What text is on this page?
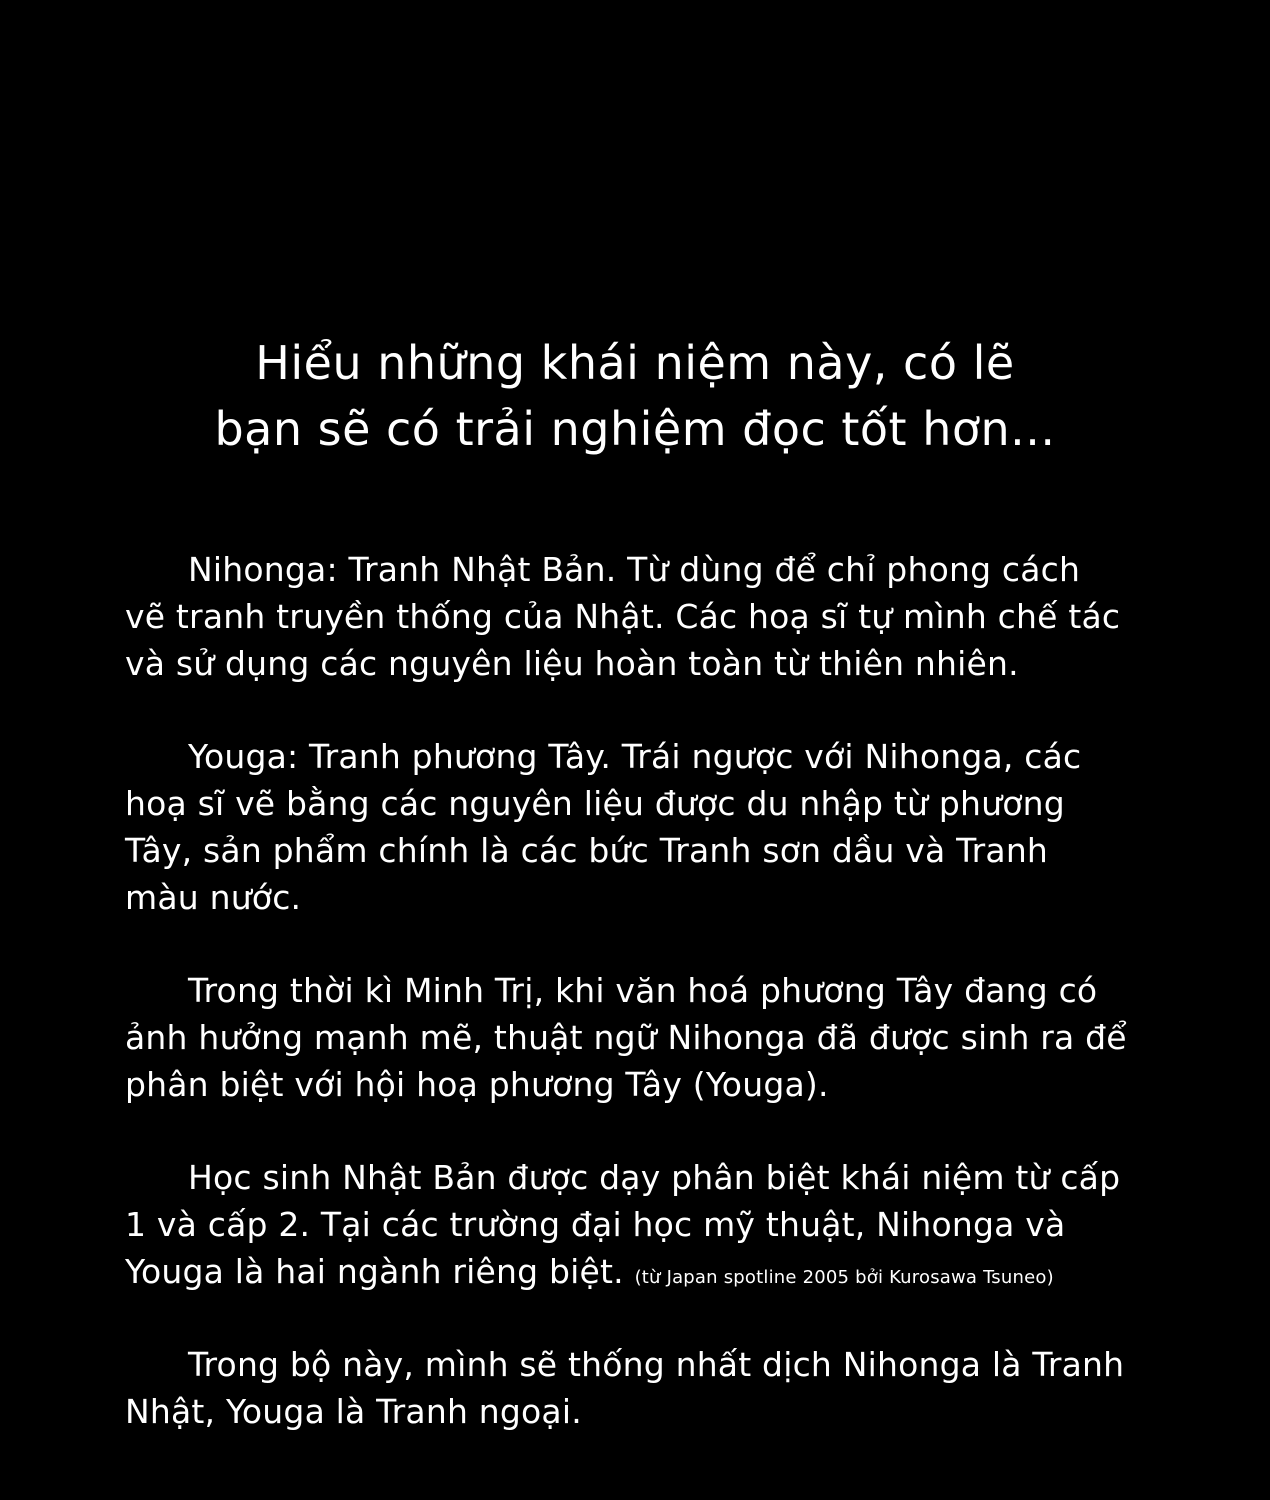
Hiểu những khái niệm này, có lẽ
bạn sẽ có trải nghiệm đọc tốt hơn...
Nihonga: Tranh Nhật Bản. Từ dùng để chỉ phong cách
vẽ tranh truyền thống của Nhật. Các hoạ sĩ tự mình chế tác
và sử dụng các nguyên liệu hoàn toàn từ thiên nhiên.
Youga: Tranh phương Tây. Trái ngược với Nihonga, các
hoạ sĩ vẽ bằng các nguyên liệu được du nhập từ phương
Tây, sản phẩm chính là các bức Tranh sơn dầu và Tranh
màu nước.
Trong thời kì Minh Trị, khi văn hoá phương Tây đang có
ảnh hưởng mạnh mẽ, thuật ngữ Nihonga đã được sinh ra để
phân biệt với hội hoạ phương Tây (Youga).
Học sinh Nhật Bản được dạy phân biệt khái niệm từ cấp
1 và cấp 2. Tại các trường đại học mỹ thuật, Nihonga và
Youga là hai ngành riêng biệt. (từ Japan spotline 2005 bởi Kurosawa Tsuneo)
Trong bộ này, mình sẽ thống nhất dịch Nihonga là Tranh
Nhật, Youga là Tranh ngoại.
